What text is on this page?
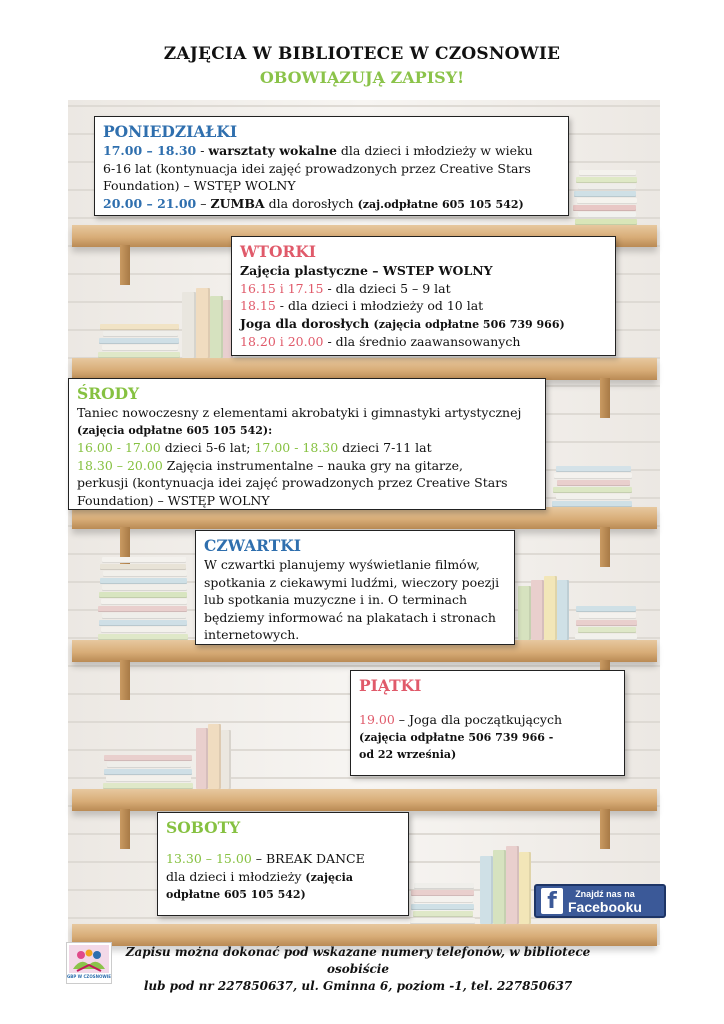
ZAJĘCIA W BIBLIOTECE W CZOSNOWIE
OBOWIĄZUJĄ ZAPISY!

PONIEDZIAŁKI

17.00 – 18.30 - warsztaty wokalne dla dzieci i młodzieży w wieku

6-16 lat (kontynuacja idei zajęć prowadzonych przez Creative Stars

Foundation) – WSTĘP WOLNY

20.00 – 21.00 – ZUMBA dla dorosłych (zaj.odpłatne 605 105 542)

WTORKI

Zajęcia plastyczne – WSTEP WOLNY

16.15 i 17.15 - dla dzieci 5 – 9 lat

18.15 - dla dzieci i młodzieży od 10 lat

Joga dla dorosłych (zajęcia odpłatne 506 739 966)

18.20 i 20.00 - dla średnio zaawansowanych

ŚRODY

Taniec nowoczesny z elementami akrobatyki i gimnastyki artystycznej

(zajęcia odpłatne 605 105 542):

16.00 - 17.00 dzieci 5-6 lat; 17.00 - 18.30 dzieci 7-11 lat

18.30 – 20.00 Zajęcia instrumentalne – nauka gry na gitarze,

perkusji (kontynuacja idei zajęć prowadzonych przez Creative Stars

Foundation) – WSTĘP WOLNY

CZWARTKI

W czwartki planujemy wyświetlanie filmów,

spotkania z ciekawymi ludźmi, wieczory poezji

lub spotkania muzyczne i in. O terminach

będziemy informować na plakatach i stronach

internetowych.

PIĄTKI

19.00 – Joga dla początkujących

(zajęcia odpłatne 506 739 966 -

od 22 września)

SOBOTY

13.30 – 15.00 – BREAK DANCE

dla dzieci i młodzieży (zajęcia

odpłatne 605 105 542)	f	Znajdź nas na
Facebooku
GBP W CZOSNOWIE
Zapisu można dokonać pod wskazane numery telefonów, w bibliotece osobiście
lub pod nr 227850637, ul. Gminna 6, poziom -1, tel. 227850637
